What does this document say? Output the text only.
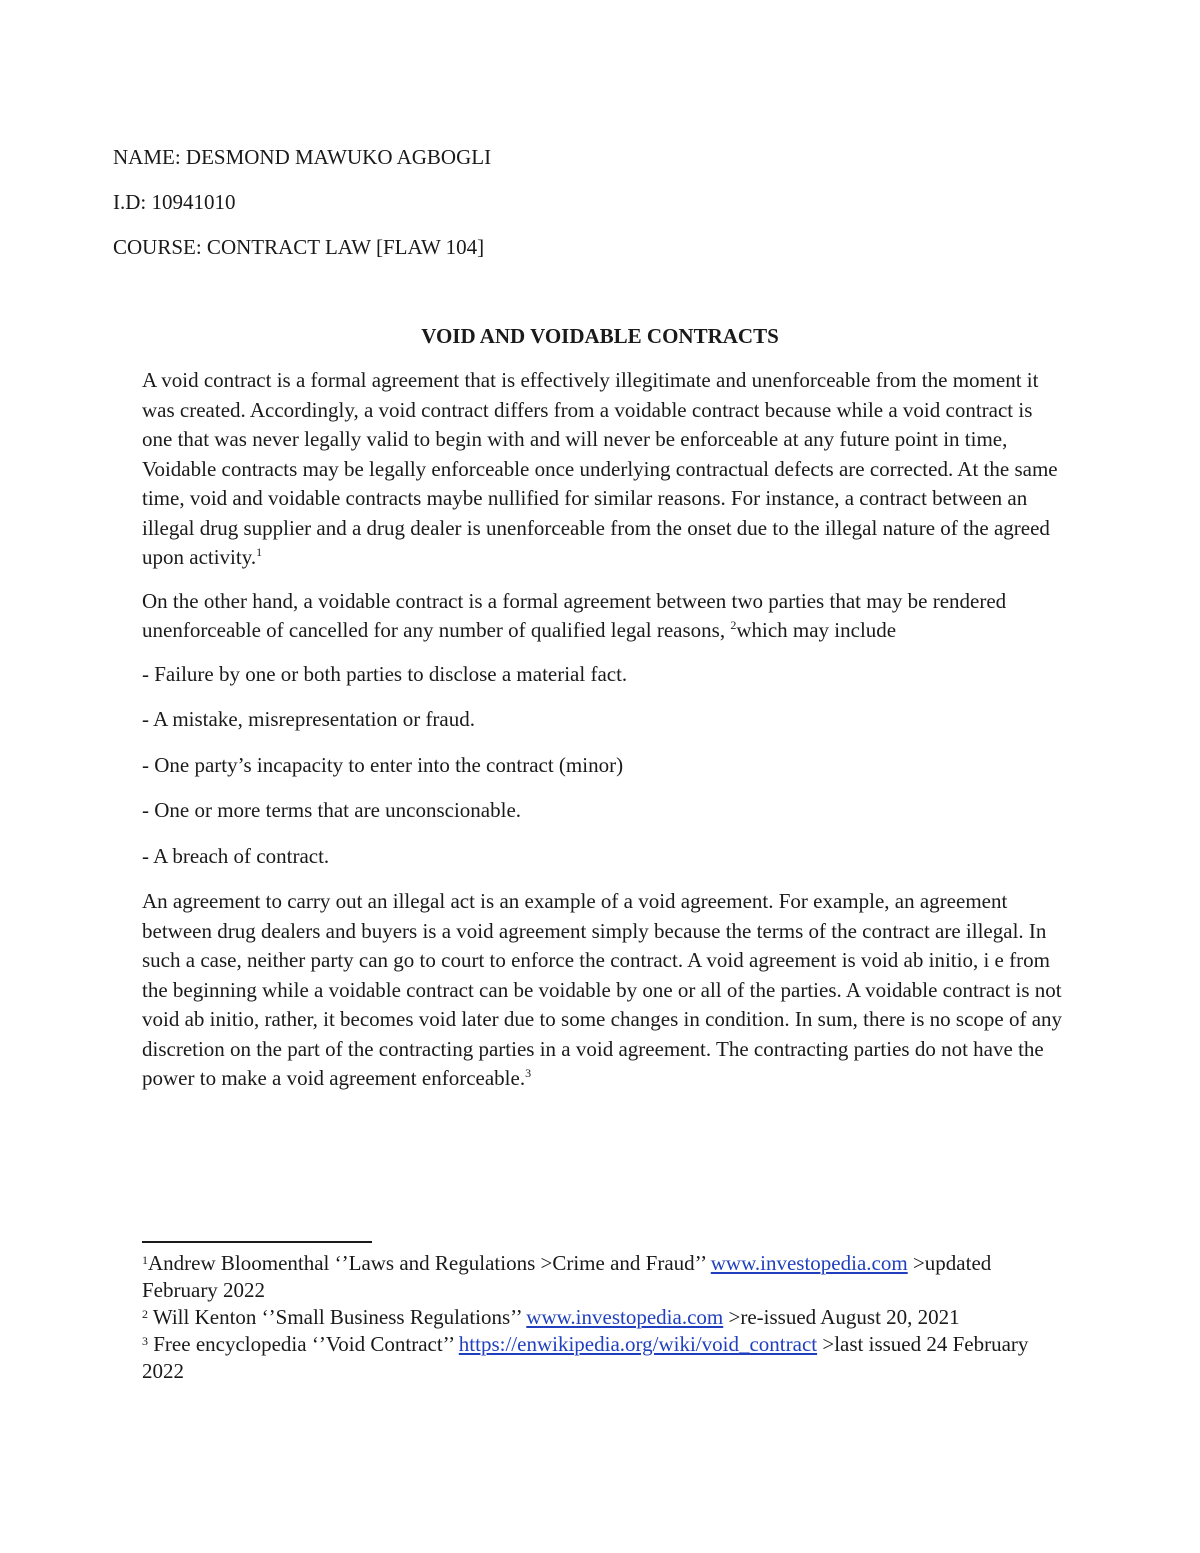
NAME: DESMOND MAWUKO AGBOGLI

I.D: 10941010

COURSE: CONTRACT LAW [FLAW 104]

VOID AND VOIDABLE CONTRACTS

A void contract is a formal agreement that is effectively illegitimate and unenforceable from the moment it was created. Accordingly, a void contract differs from a voidable contract because while a void contract is one that was never legally valid to begin with and will never be enforceable at any future point in time, Voidable contracts may be legally enforceable once underlying contractual defects are corrected. At the same time, void and voidable contracts maybe nullified for similar reasons. For instance, a contract between an illegal drug supplier and a drug dealer is unenforceable from the onset due to the illegal nature of the agreed upon activity.$^1$

On the other hand, a voidable contract is a formal agreement between two parties that may be rendered unenforceable of cancelled for any number of qualified legal reasons, $^2$which may include

- Failure by one or both parties to disclose a material fact.

- A mistake, misrepresentation or fraud.

- One party’s incapacity to enter into the contract (minor)

- One or more terms that are unconscionable.

- A breach of contract.

An agreement to carry out an illegal act is an example of a void agreement. For example, an agreement between drug dealers and buyers is a void agreement simply because the terms of the contract are illegal. In such a case, neither party can go to court to enforce the contract. A void agreement is void ab initio, i e from the beginning while a voidable contract can be voidable by one or all of the parties. A voidable contract is not void ab initio, rather, it becomes void later due to some changes in condition. In sum, there is no scope of any discretion on the part of the contracting parties in a void agreement. The contracting parties do not have the power to make a void agreement enforceable.$^3$

$^1$Andrew Bloomenthal ‘’Laws and Regulations >Crime and Fraud’’ www.investopedia.com >updated February 2022

$^2$ Will Kenton ‘’Small Business Regulations’’ www.investopedia.com >re-issued August 20, 2021

$^3$ Free encyclopedia ‘’Void Contract’’ https://enwikipedia.org/wiki/void_contract >last issued 24 February 2022
